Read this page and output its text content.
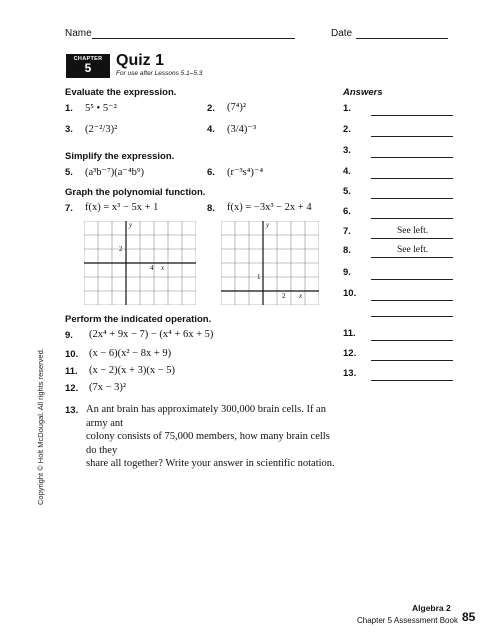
Name	Date
CHAPTER
5	Quiz 1
For use after Lessons 5.1–5.3
Evaluate the expression.
1. 5⁵ • 5⁻²	2. (7⁴)²
3. (2⁻²/3)²	4. (3/4)⁻³
Simplify the expression.
5. (a³b⁻⁷)(a⁻⁴b⁹)	6. (r⁻³s⁴)⁻⁴
Graph the polynomial function.
7. f(x) = x³ − 5x + 1	8. f(x) = −3x³ − 2x + 4
y
x
2
4
y
x
1
2
Perform the indicated operation.
9. (2x⁴ + 9x − 7) − (x⁴ + 6x + 5)
10. (x − 6)(x² − 8x + 9)
11. (x − 2)(x + 3)(x − 5)
12. (7x − 3)²
13. An ant brain has approximately 300,000 brain cells. If an army ant
colony consists of 75,000 members, how many brain cells do they
share all together? Write your answer in scientific notation.
Answers
1.
2.
3.
4.
5.
6.
7.	See left.
8.	See left.
9.
10.
11.
12.
13.
Copyright © Holt McDougal. All rights reserved.
Algebra 2
Chapter 5 Assessment Book 85
